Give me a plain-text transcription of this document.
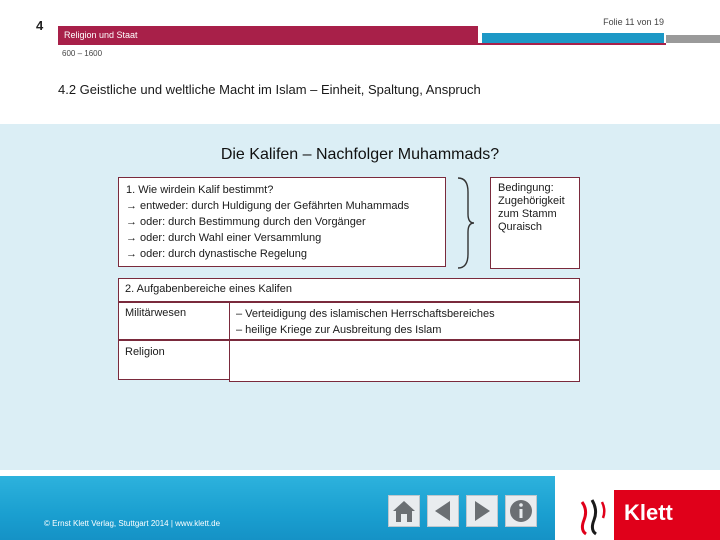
4	Folie 11 von 19
Religion und Staat
600 – 1600
4.2 Geistliche und weltliche Macht im Islam – Einheit, Spaltung, Anspruch
Die Kalifen – Nachfolger Muhammads?
1. Wie wirdein Kalif bestimmt?
→ entweder: durch Huldigung der Gefährten Muhammads
→ oder: durch Bestimmung durch den Vorgänger
→ oder: durch Wahl einer Versammlung
→ oder: durch dynastische Regelung
Bedingung:
Zugehörigkeit
zum Stamm
Quraisch
2. Aufgabenbereiche eines Kalifen
Militärwesen	– Verteidigung des islamischen Herrschaftsbereiches
– heilige Kriege zur Ausbreitung des Islam
Religion
© Ernst Klett Verlag, Stuttgart 2014 | www.klett.de	Klett
